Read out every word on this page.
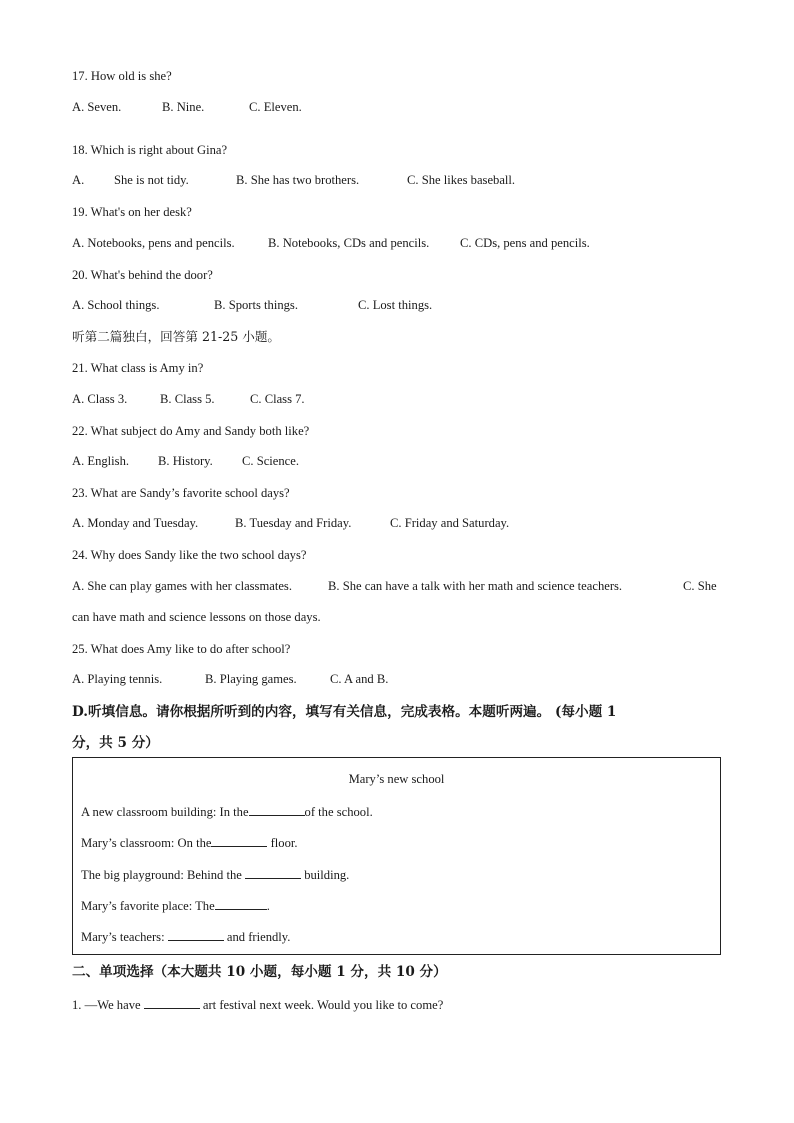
17. How old is she?
A. Seven.	B. Nine.	C. Eleven.
18. Which is right about Gina?
A. She is not tidy.	B. She has two brothers.	C. She likes baseball.
19. What's on her desk?
A. Notebooks, pens and pencils.	B. Notebooks, CDs and pencils. C. CDs, pens and pencils.
20. What's behind the door?
A. School things.	B. Sports things.	C. Lost things.
听第二篇独白，回答第 21-25 小题。
21. What class is Amy in?
A. Class 3.	B. Class 5.	C. Class 7.
22. What subject do Amy and Sandy both like?
A. English. B. History. C. Science.
23. What are Sandy’s favorite school days?
A. Monday and Tuesday.	B. Tuesday and Friday.	C. Friday and Saturday.
24. Why does Sandy like the two school days?
A. She can play games with her classmates.	B. She can have a talk with her math and science teachers.	C. She
can have math and science lessons on those days.
25. What does Amy like to do after school?
A. Playing tennis.	B. Playing games.	C. A and B.
D.听填信息。请你根据所听到的内容，填写有关信息，完成表格。本题听两遍。 (每小题 1
分，共 5 分）
Mary’s new school
A new classroom building: In the	of the school.
Mary’s classroom: On the	floor.
The big playground: Behind the	building.
Mary’s favorite place: The	.
Mary’s teachers:	and friendly.
二、单项选择（本大题共 10 小题，每小题 1 分，共 10 分）
1. —We have	art festival next week. Would you like to come?
